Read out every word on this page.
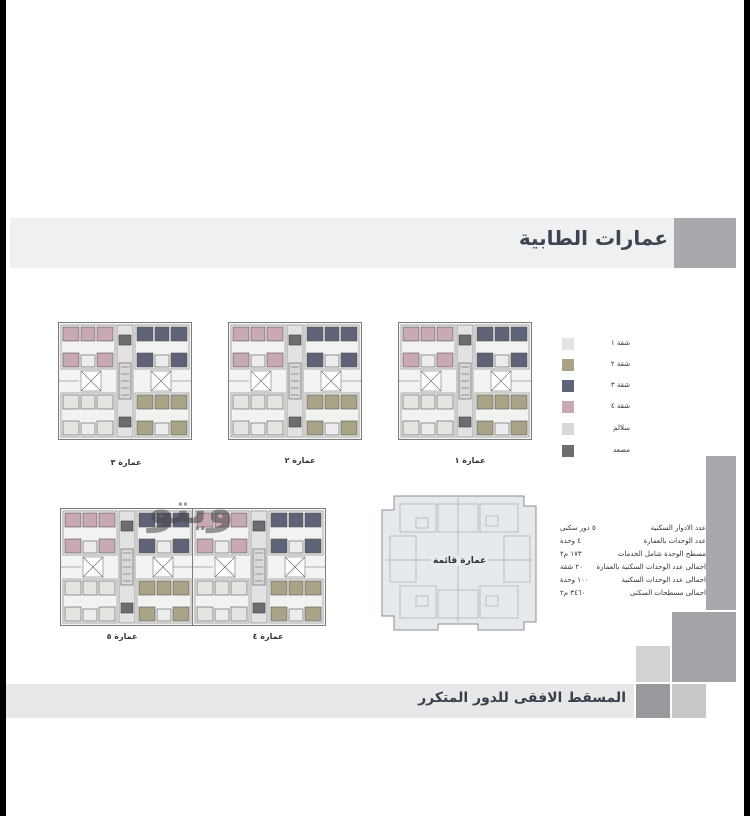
عمارات الطابية
المسقط الافقى للدور المتكرر
عمارة ٣	عمارة ٢	عمارة ١
عمارة ٥	عمارة ٤
عمارة قائمة
شقة ١
شقة ٢
شقة ٣
شقة ٤
سلالم
مصعد
عدد الادوار السكنية
٥ دور سكنى
عدد الوحدات بالعمارة
٤ وحدة
مسطح الوحدة شامل الخدمات
١٧٣ م٢
اجمالى عدد الوحدات السكنية بالعمارة
٢٠ شقة
اجمالى عدد الوحدات السكنية
١٠٠ وحدة
اجمالى مسطحات السكنى
٣٤٦٠ م٢
ويتو
